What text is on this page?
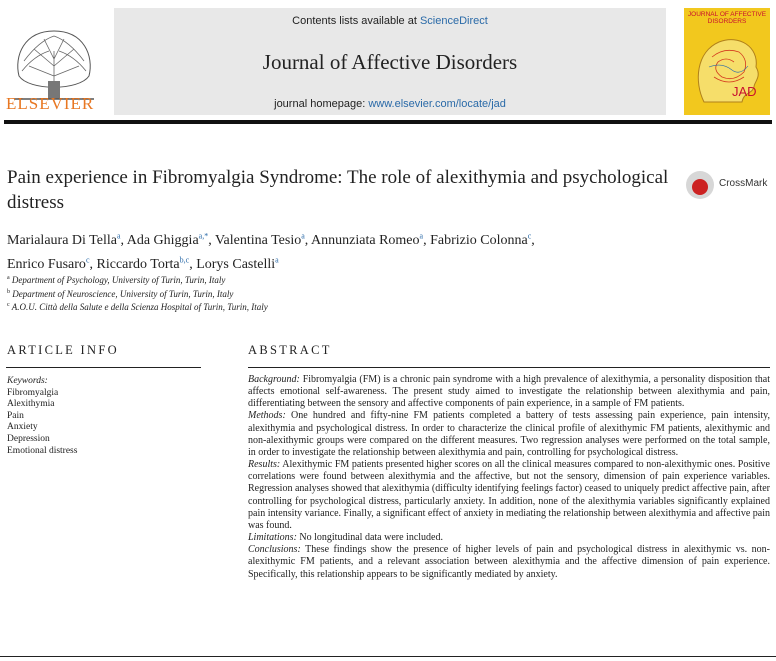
ELSEVIER
Contents lists available at ScienceDirect
Journal of Affective Disorders
journal homepage: www.elsevier.com/locate/jad
JOURNAL OF AFFECTIVE DISORDERS
JAD
Pain experience in Fibromyalgia Syndrome: The role of alexithymia and psychological distress
CrossMark
Marialaura Di Tella$^a$, Ada Ghiggia$^{a,*}$, Valentina Tesio$^a$, Annunziata Romeo$^a$, Fabrizio Colonna$^c$,
Enrico Fusaro$^c$, Riccardo Torta$^{b,c}$, Lorys Castelli$^a$
$^a$ Department of Psychology, University of Turin, Turin, Italy
$^b$ Department of Neuroscience, University of Turin, Turin, Italy
$^c$ A.O.U. Città della Salute e della Scienza Hospital of Turin, Turin, Italy
ARTICLE INFO	ABSTRACT
Keywords:
Fibromyalgia
Alexithymia
Pain
Anxiety
Depression
Emotional distress

Background: Fibromyalgia (FM) is a chronic pain syndrome with a high prevalence of alexithymia, a personality disposition that affects emotional self-awareness. The present study aimed to investigate the relationship between alexithymia and pain, differentiating between the sensory and affective components of pain experience, in a sample of FM patients.

Methods: One hundred and fifty-nine FM patients completed a battery of tests assessing pain experience, pain intensity, alexithymia and psychological distress. In order to characterize the clinical profile of alexithymic FM patients, alexithymic and non-alexithymic groups were compared on the different measures. Two regression analyses were performed on the total sample, in order to investigate the relationship between alexithymia and pain, controlling for psychological distress.

Results: Alexithymic FM patients presented higher scores on all the clinical measures compared to non-alexithymic ones. Positive correlations were found between alexithymia and the affective, but not the sensory, dimension of pain experience variables. Regression analyses showed that alexithymia (difficulty identifying feelings factor) ceased to uniquely predict affective pain, after controlling for psychological distress, particularly anxiety. In addition, none of the alexithymia variables significantly explained pain intensity variance. Finally, a significant effect of anxiety in mediating the relationship between alexithymia and affective pain was found.

Limitations: No longitudinal data were included.

Conclusions: These findings show the presence of higher levels of pain and psychological distress in alexithymic vs. non-alexithymic FM patients, and a relevant association between alexithymia and the affective dimension of pain experience. Specifically, this relationship appears to be significantly mediated by anxiety.
